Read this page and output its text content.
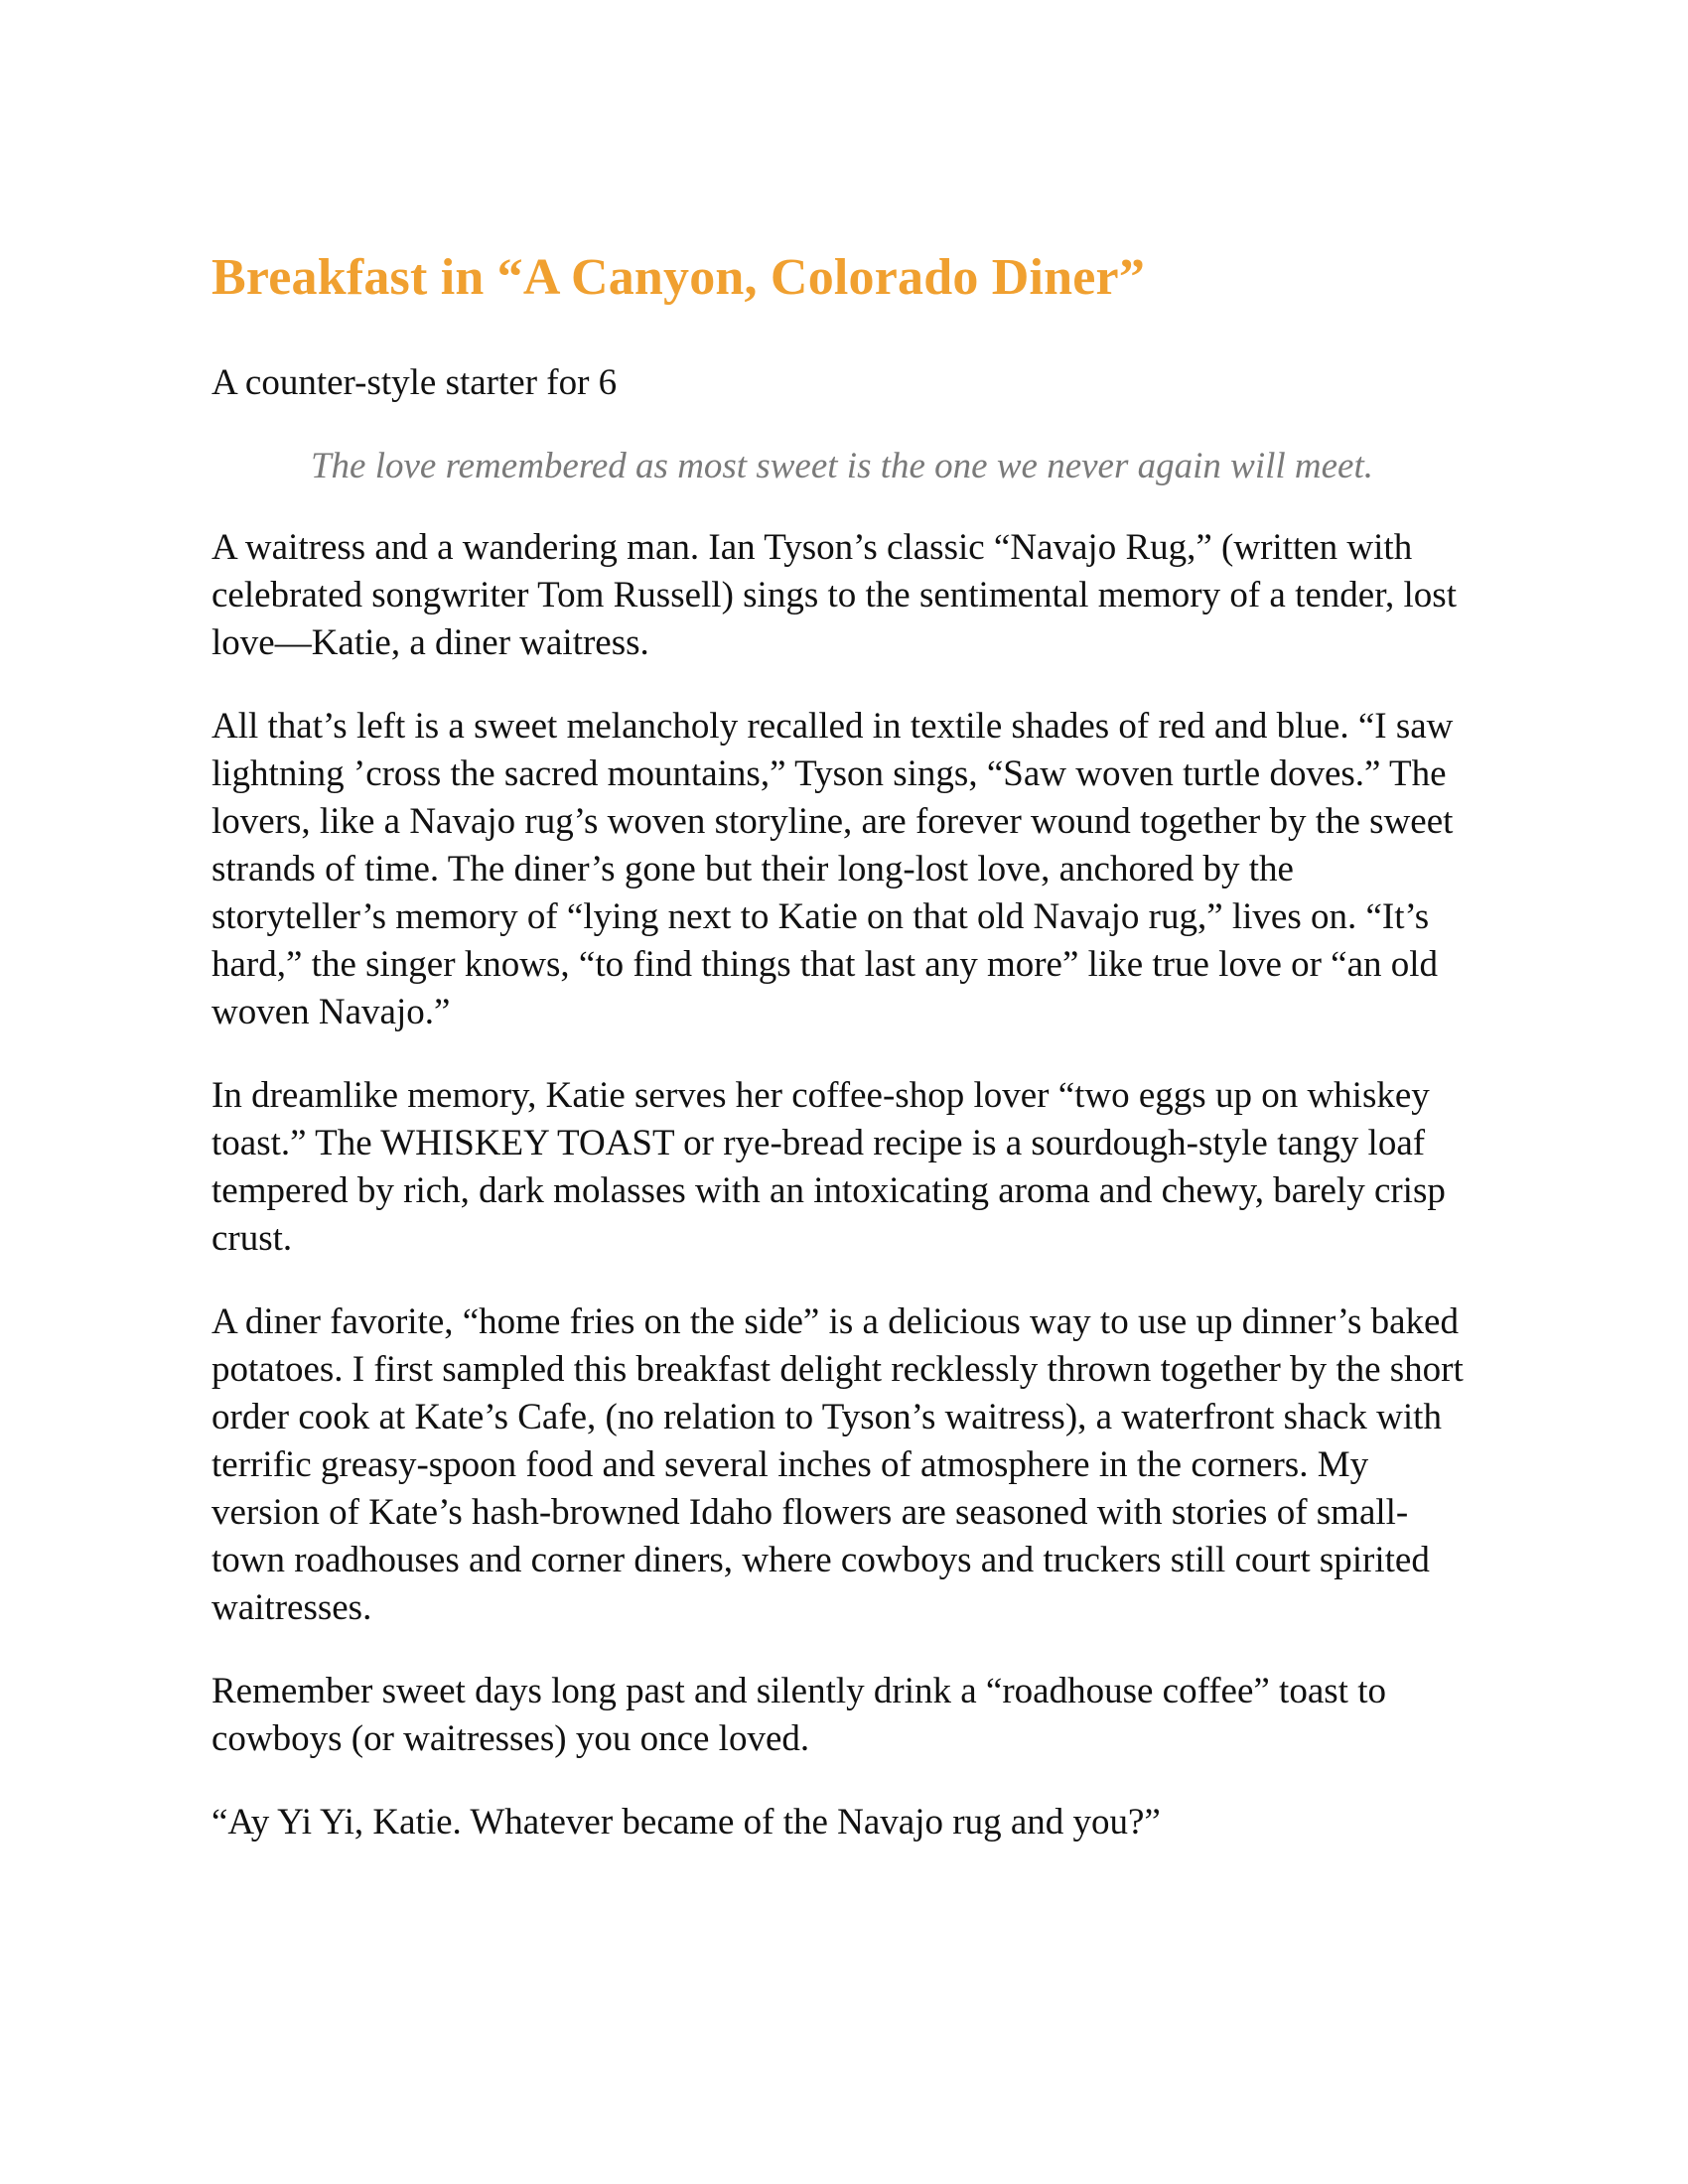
Breakfast in “A Canyon, Colorado Diner”

A counter-style starter for 6

The love remembered as most sweet is the one we never again will meet.

A waitress and a wandering man. Ian Tyson’s classic “Navajo Rug,” (written with celebrated songwriter Tom Russell) sings to the sentimental memory of a tender, lost love—Katie, a diner waitress.

All that’s left is a sweet melancholy recalled in textile shades of red and blue. “I saw lightning ’cross the sacred mountains,” Tyson sings, “Saw woven turtle doves.” The lovers, like a Navajo rug’s woven storyline, are forever wound together by the sweet strands of time. The diner’s gone but their long-lost love, anchored by the storyteller’s memory of “lying next to Katie on that old Navajo rug,” lives on. “It’s hard,” the singer knows, “to find things that last any more” like true love or “an old woven Navajo.”

In dreamlike memory, Katie serves her coffee-shop lover “two eggs up on whiskey toast.” The WHISKEY TOAST or rye-bread recipe is a sourdough-style tangy loaf tempered by rich, dark molasses with an intoxicating aroma and chewy, barely crisp crust.

A diner favorite, “home fries on the side” is a delicious way to use up dinner’s baked potatoes. I first sampled this breakfast delight recklessly thrown together by the short order cook at Kate’s Cafe, (no relation to Tyson’s waitress), a waterfront shack with terrific greasy-spoon food and several inches of atmosphere in the corners. My version of Kate’s hash-browned Idaho flowers are seasoned with stories of small-town roadhouses and corner diners, where cowboys and truckers still court spirited waitresses.

Remember sweet days long past and silently drink a “roadhouse coffee” toast to cowboys (or waitresses) you once loved.

“Ay Yi Yi, Katie. Whatever became of the Navajo rug and you?”
